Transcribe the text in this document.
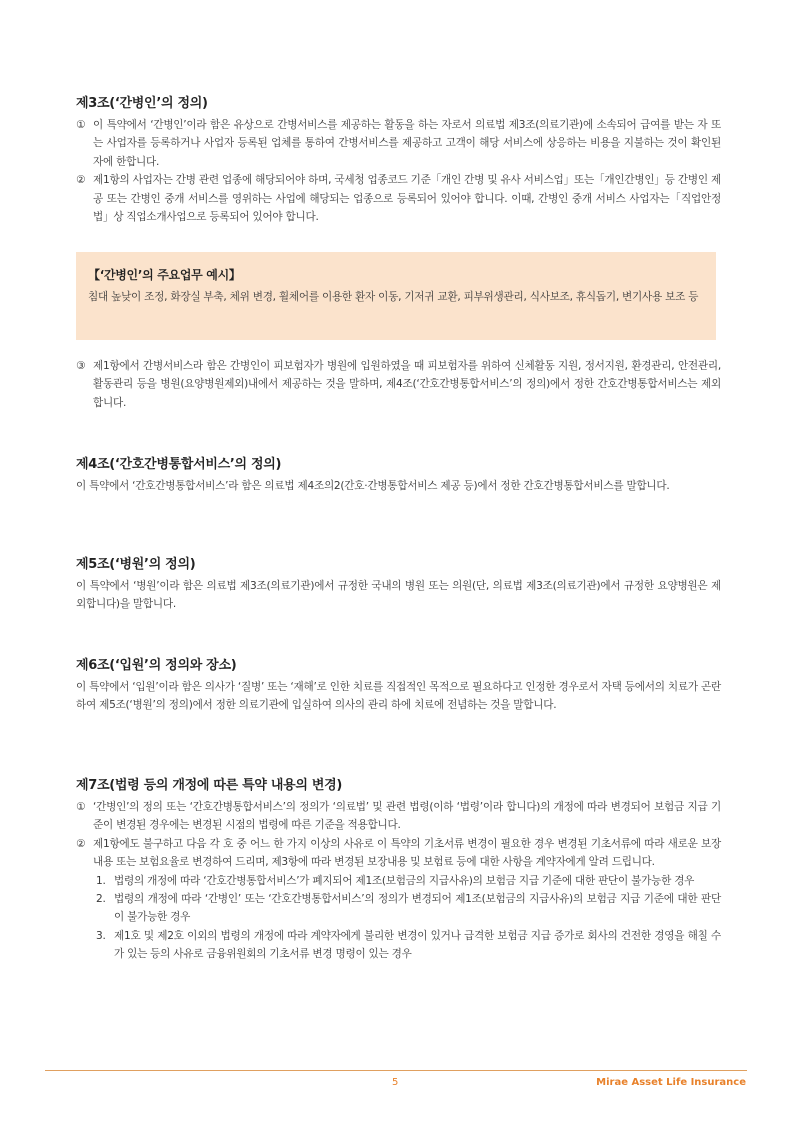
제3조(‘간병인’의 정의)
① 이 특약에서 ‘간병인’이라 함은 유상으로 간병서비스를 제공하는 활동을 하는 자로서 의료법 제3조(의료기관)에 소속되어 급여를 받는 자 또는 사업자를 등록하거나 사업자 등록된 업체를 통하여 간병서비스를 제공하고 고객이 해당 서비스에 상응하는 비용을 지불하는 것이 확인된 자에 한합니다.
② 제1항의 사업자는 간병 관련 업종에 해당되어야 하며, 국세청 업종코드 기준「개인 간병 및 유사 서비스업」또는「개인간병인」등 간병인 제공 또는 간병인 중개 서비스를 영위하는 사업에 해당되는 업종으로 등록되어 있어야 합니다. 이때, 간병인 중개 서비스 사업자는「직업안정법」상 직업소개사업으로 등록되어 있어야 합니다.
【‘간병인’의 주요업무 예시】
침대 높낮이 조정, 화장실 부축, 체위 변경, 휠체어를 이용한 환자 이동, 기저귀 교환, 피부위생관리, 식사보조, 휴식돕기, 변기사용 보조 등
③ 제1항에서 간병서비스라 함은 간병인이 피보험자가 병원에 입원하였을 때 피보험자를 위하여 신체활동 지원, 정서지원, 환경관리, 안전관리, 활동관리 등을 병원(요양병원제외)내에서 제공하는 것을 말하며, 제4조(‘간호간병통합서비스’의 정의)에서 정한 간호간병통합서비스는 제외합니다.
제4조(‘간호간병통합서비스’의 정의)
이 특약에서 ‘간호간병통합서비스’라 함은 의료법 제4조의2(간호·간병통합서비스 제공 등)에서 정한 간호간병통합서비스를 말합니다.
제5조(‘병원’의 정의)
이 특약에서 ‘병원’이라 함은 의료법 제3조(의료기관)에서 규정한 국내의 병원 또는 의원(단, 의료법 제3조(의료기관)에서 규정한 요양병원은 제외합니다)을 말합니다.
제6조(‘입원’의 정의와 장소)
이 특약에서 ‘입원’이라 함은 의사가 ‘질병’ 또는 ‘재해’로 인한 치료를 직접적인 목적으로 필요하다고 인정한 경우로서 자택 등에서의 치료가 곤란하여 제5조(‘병원’의 정의)에서 정한 의료기관에 입실하여 의사의 관리 하에 치료에 전념하는 것을 말합니다.
제7조(법령 등의 개정에 따른 특약 내용의 변경)
① ‘간병인’의 정의 또는 ‘간호간병통합서비스’의 정의가 ‘의료법’ 및 관련 법령(이하 ‘법령’이라 합니다)의 개정에 따라 변경되어 보험금 지급 기준이 변경된 경우에는 변경된 시점의 법령에 따른 기준을 적용합니다.
② 제1항에도 불구하고 다음 각 호 중 어느 한 가지 이상의 사유로 이 특약의 기초서류 변경이 필요한 경우 변경된 기초서류에 따라 새로운 보장내용 또는 보험요율로 변경하여 드리며, 제3항에 따라 변경된 보장내용 및 보험료 등에 대한 사항을 계약자에게 알려 드립니다.
1. 법령의 개정에 따라 ‘간호간병통합서비스’가 폐지되어 제1조(보험금의 지급사유)의 보험금 지급 기준에 대한 판단이 불가능한 경우
2. 법령의 개정에 따라 ‘간병인’ 또는 ‘간호간병통합서비스’의 정의가 변경되어 제1조(보험금의 지급사유)의 보험금 지급 기준에 대한 판단이 불가능한 경우
3. 제1호 및 제2호 이외의 법령의 개정에 따라 계약자에게 불리한 변경이 있거나 급격한 보험금 지급 증가로 회사의 건전한 경영을 해칠 수가 있는 등의 사유로 금융위원회의 기초서류 변경 명령이 있는 경우
5	Mirae Asset Life Insurance
